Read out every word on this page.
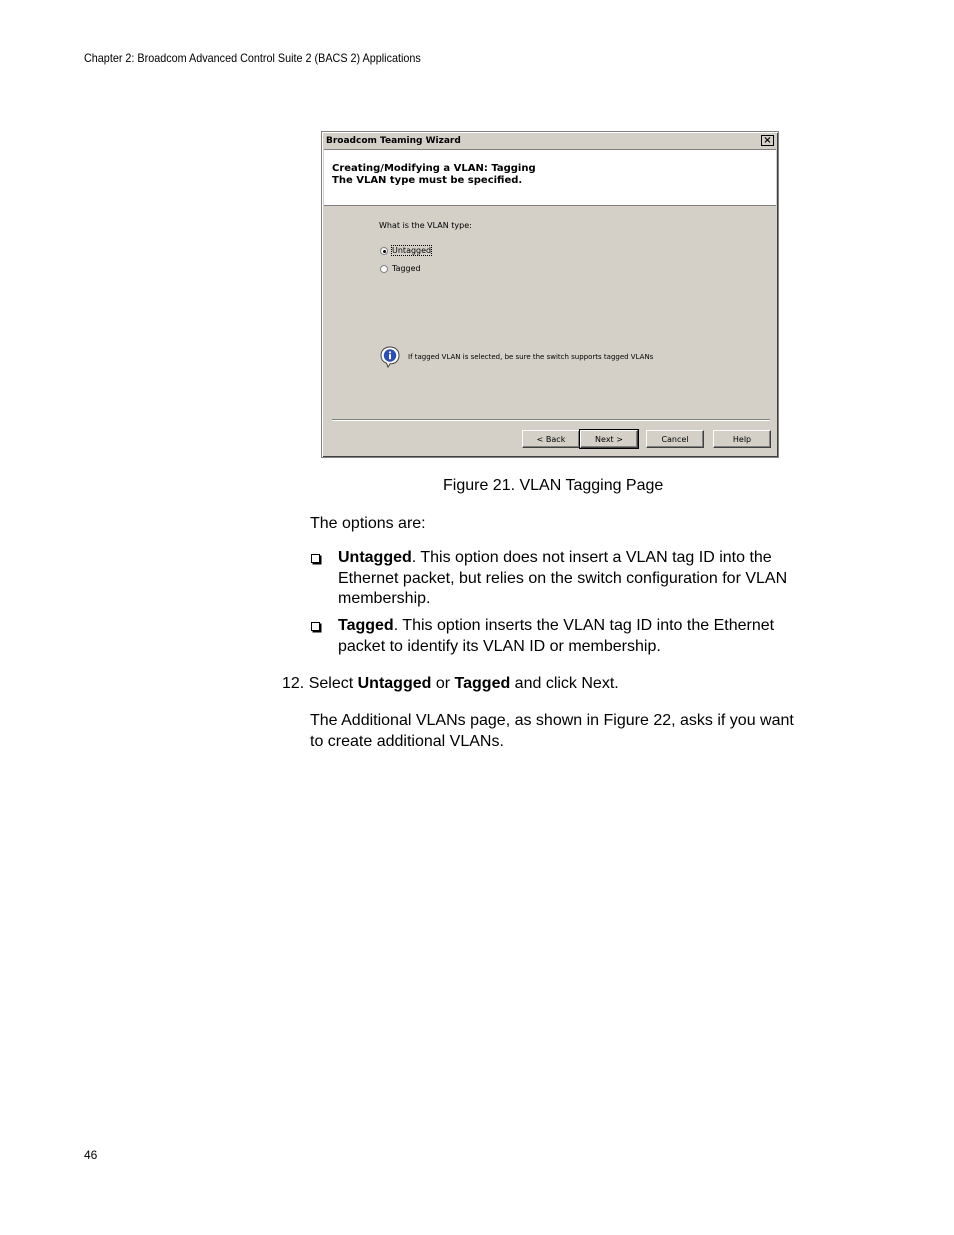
Chapter 2: Broadcom Advanced Control Suite 2 (BACS 2) Applications
Broadcom Teaming Wizard	×
Creating/Modifying a VLAN: Tagging
The VLAN type must be specified.
What is the VLAN type:
Untagged
Tagged
If tagged VLAN is selected, be sure the switch supports tagged VLANs
< Back	Next >	Cancel	Help
Figure 21. VLAN Tagging Page
The options are:
Untagged. This option does not insert a VLAN tag ID into the
Ethernet packet, but relies on the switch configuration for VLAN
membership.
Tagged. This option inserts the VLAN tag ID into the Ethernet
packet to identify its VLAN ID or membership.
12. Select Untagged or Tagged and click Next.
The Additional VLANs page, as shown in Figure 22, asks if you want
to create additional VLANs.
46
